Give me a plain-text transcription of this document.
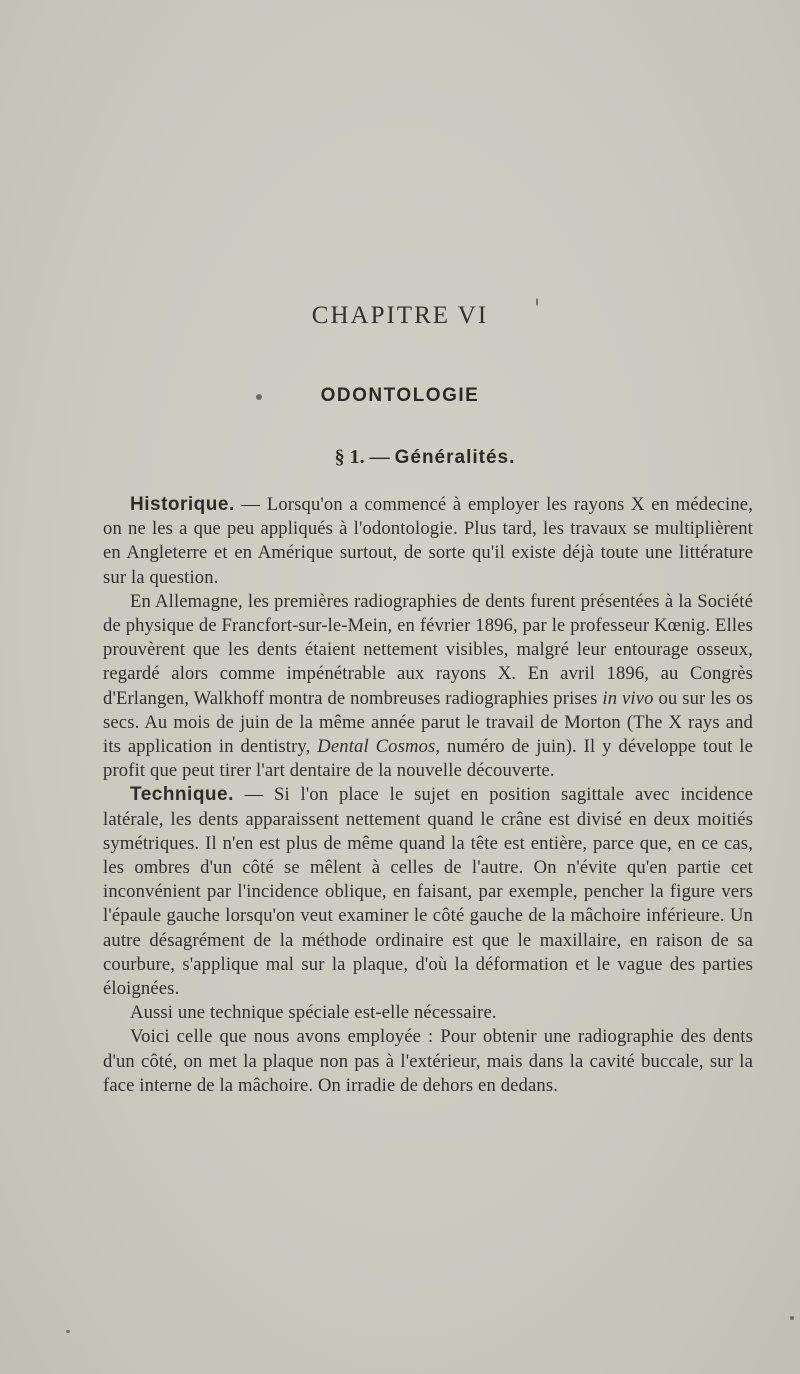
CHAPITRE VI
ODONTOLOGIE
§ 1. — Généralités.

Historique. — Lorsqu'on a commencé à employer les rayons X en médecine, on ne les a que peu appliqués à l'odontologie. Plus tard, les travaux se multiplièrent en Angleterre et en Amérique surtout, de sorte qu'il existe déjà toute une littérature sur la question.

En Allemagne, les premières radiographies de dents furent présentées à la Société de physique de Francfort-sur-le-Mein, en février 1896, par le professeur Kœnig. Elles prouvèrent que les dents étaient nettement visibles, malgré leur entourage osseux, regardé alors comme impénétrable aux rayons X. En avril 1896, au Congrès d'Erlangen, Walkhoff montra de nombreuses radiographies prises in vivo ou sur les os secs. Au mois de juin de la même année parut le travail de Morton (The X rays and its application in dentistry, Dental Cosmos, numéro de juin). Il y développe tout le profit que peut tirer l'art dentaire de la nouvelle découverte.

Technique. — Si l'on place le sujet en position sagittale avec incidence latérale, les dents apparaissent nettement quand le crâne est divisé en deux moitiés symétriques. Il n'en est plus de même quand la tête est entière, parce que, en ce cas, les ombres d'un côté se mêlent à celles de l'autre. On n'évite qu'en partie cet inconvénient par l'incidence oblique, en faisant, par exemple, pencher la figure vers l'épaule gauche lorsqu'on veut examiner le côté gauche de la mâchoire inférieure. Un autre désagrément de la méthode ordinaire est que le maxillaire, en raison de sa courbure, s'applique mal sur la plaque, d'où la déformation et le vague des parties éloignées.

Aussi une technique spéciale est-elle nécessaire.

Voici celle que nous avons employée : Pour obtenir une radiographie des dents d'un côté, on met la plaque non pas à l'extérieur, mais dans la cavité buccale, sur la face interne de la mâchoire. On irradie de dehors en dedans.
